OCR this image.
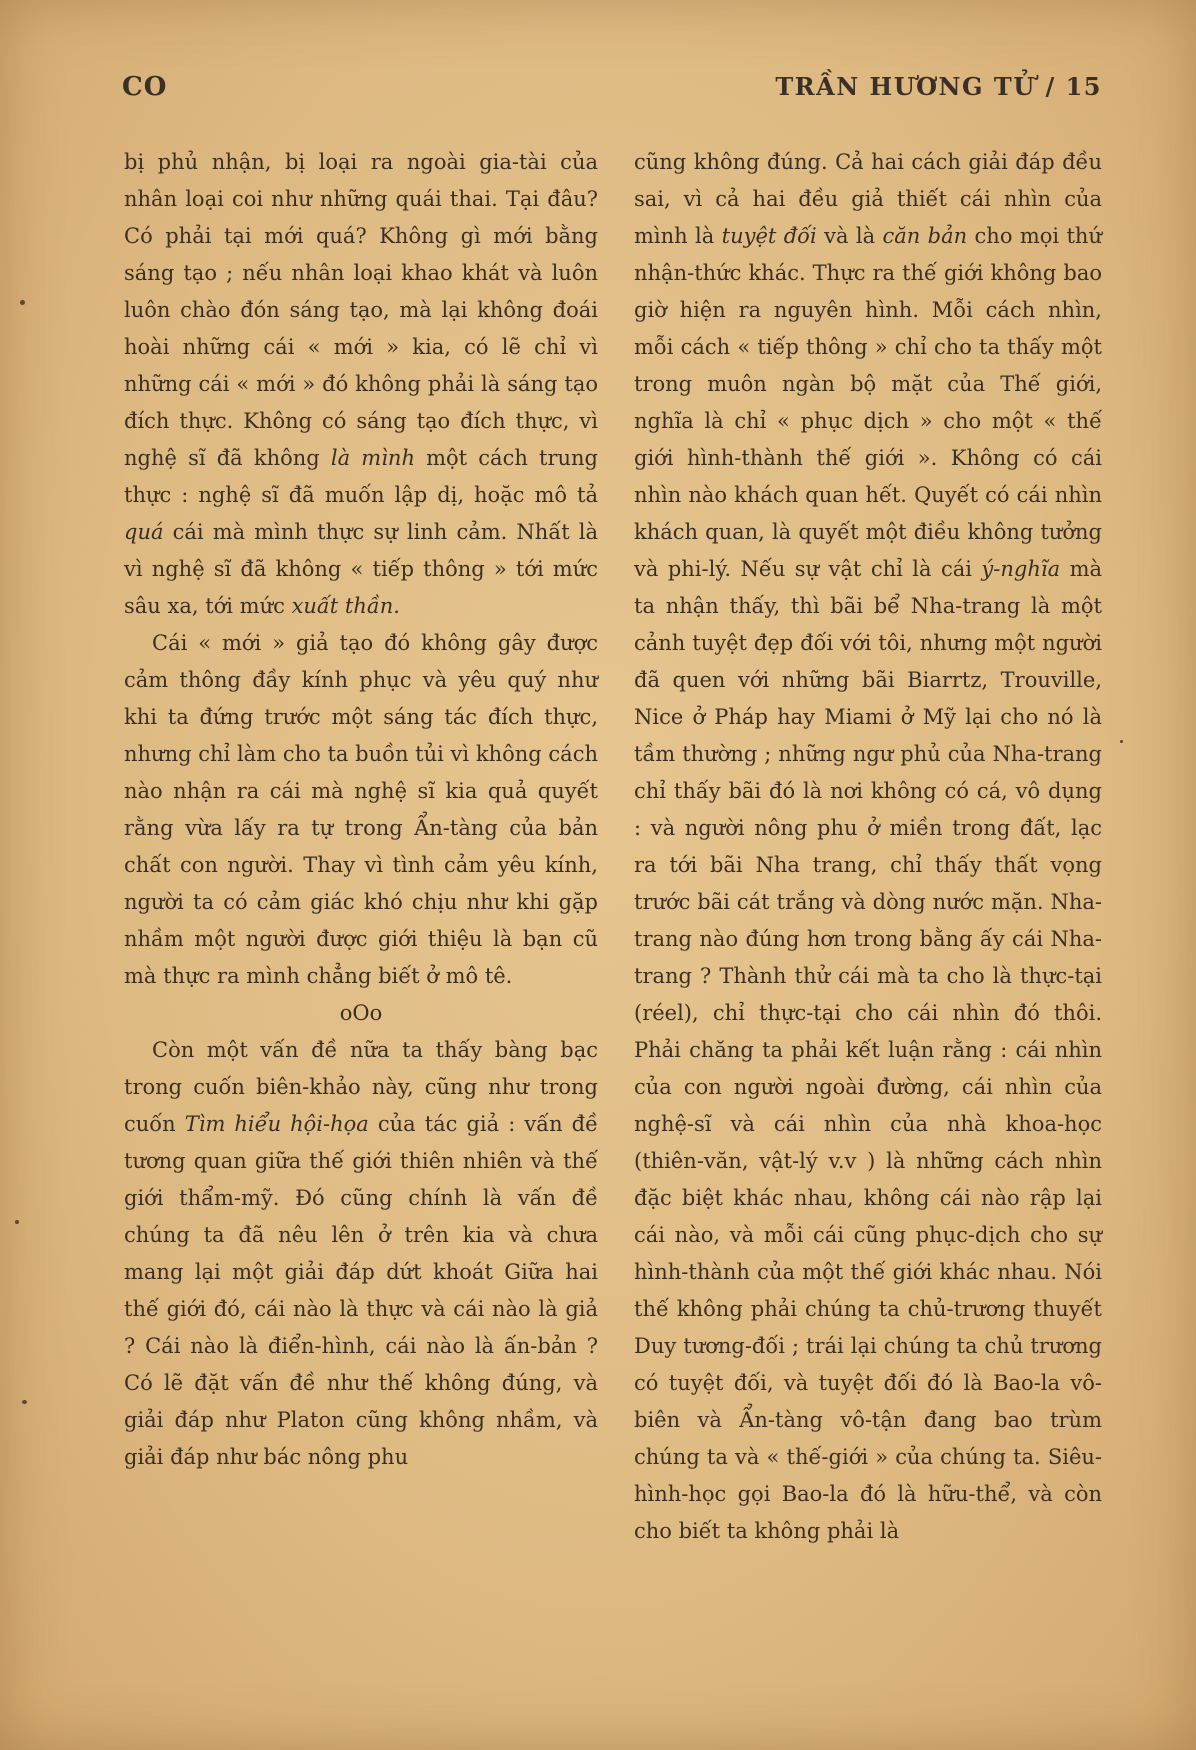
CO	TRẦN HƯƠNG TỬ / 15

bị phủ nhận, bị loại ra ngoài gia-tài của nhân loại coi như những quái thai. Tại đâu? Có phải tại mới quá? Không gì mới bằng sáng tạo ; nếu nhân loại khao khát và luôn luôn chào đón sáng tạo, mà lại không đoái hoài những cái « mới » kia, có lẽ chỉ vì những cái « mới » đó không phải là sáng tạo đích thực. Không có sáng tạo đích thực, vì nghệ sĩ đã không là mình một cách trung thực : nghệ sĩ đã muốn lập dị, hoặc mô tả quá cái mà mình thực sự linh cảm. Nhất là vì nghệ sĩ đã không « tiếp thông » tới mức sâu xa, tới mức xuất thần.

Cái « mới » giả tạo đó không gây được cảm thông đầy kính phục và yêu quý như khi ta đứng trước một sáng tác đích thực, nhưng chỉ làm cho ta buồn tủi vì không cách nào nhận ra cái mà nghệ sĩ kia quả quyết rằng vừa lấy ra tự trong Ẩn-tàng của bản chất con người. Thay vì tình cảm yêu kính, người ta có cảm giác khó chịu như khi gặp nhầm một người được giới thiệu là bạn cũ mà thực ra mình chẳng biết ở mô tê.

oOo

Còn một vấn đề nữa ta thấy bàng bạc trong cuốn biên-khảo này, cũng như trong cuốn Tìm hiểu hội-họa của tác giả : vấn đề tương quan giữa thế giới thiên nhiên và thế giới thẩm-mỹ. Đó cũng chính là vấn đề chúng ta đã nêu lên ở trên kia và chưa mang lại một giải đáp dứt khoát Giữa hai thế giới đó, cái nào là thực và cái nào là giả ? Cái nào là điển-hình, cái nào là ấn-bản ? Có lẽ đặt vấn đề như thế không đúng, và giải đáp như Platon cũng không nhầm, và giải đáp như bác nông phu

cũng không đúng. Cả hai cách giải đáp đều sai, vì cả hai đều giả thiết cái nhìn của mình là tuyệt đối và là căn bản cho mọi thứ nhận-thức khác. Thực ra thế giới không bao giờ hiện ra nguyên hình. Mỗi cách nhìn, mỗi cách « tiếp thông » chỉ cho ta thấy một trong muôn ngàn bộ mặt của Thế giới, nghĩa là chỉ « phục dịch » cho một « thế giới hình-thành thế giới ». Không có cái nhìn nào khách quan hết. Quyết có cái nhìn khách quan, là quyết một điều không tưởng và phi-lý. Nếu sự vật chỉ là cái ý-nghĩa mà ta nhận thấy, thì bãi bể Nha-trang là một cảnh tuyệt đẹp đối với tôi, nhưng một người đã quen với những bãi Biarrtz, Trouville, Nice ở Pháp hay Miami ở Mỹ lại cho nó là tầm thường ; những ngư phủ của Nha-trang chỉ thấy bãi đó là nơi không có cá, vô dụng : và người nông phu ở miền trong đất, lạc ra tới bãi Nha trang, chỉ thấy thất vọng trước bãi cát trắng và dòng nước mặn. Nha-trang nào đúng hơn trong bằng ấy cái Nha-trang ? Thành thử cái mà ta cho là thực-tại (réel), chỉ thực-tại cho cái nhìn đó thôi. Phải chăng ta phải kết luận rằng : cái nhìn của con người ngoài đường, cái nhìn của nghệ-sĩ và cái nhìn của nhà khoa-học (thiên-văn, vật-lý v.v ) là những cách nhìn đặc biệt khác nhau, không cái nào rập lại cái nào, và mỗi cái cũng phục-dịch cho sự hình-thành của một thế giới khác nhau. Nói thế không phải chúng ta chủ-trương thuyết Duy tương-đối ; trái lại chúng ta chủ trương có tuyệt đối, và tuyệt đối đó là Bao-la vô-biên và Ẩn-tàng vô-tận đang bao trùm chúng ta và « thế-giới » của chúng ta. Siêu-hình-học gọi Bao-la đó là hữu-thể, và còn cho biết ta không phải là
